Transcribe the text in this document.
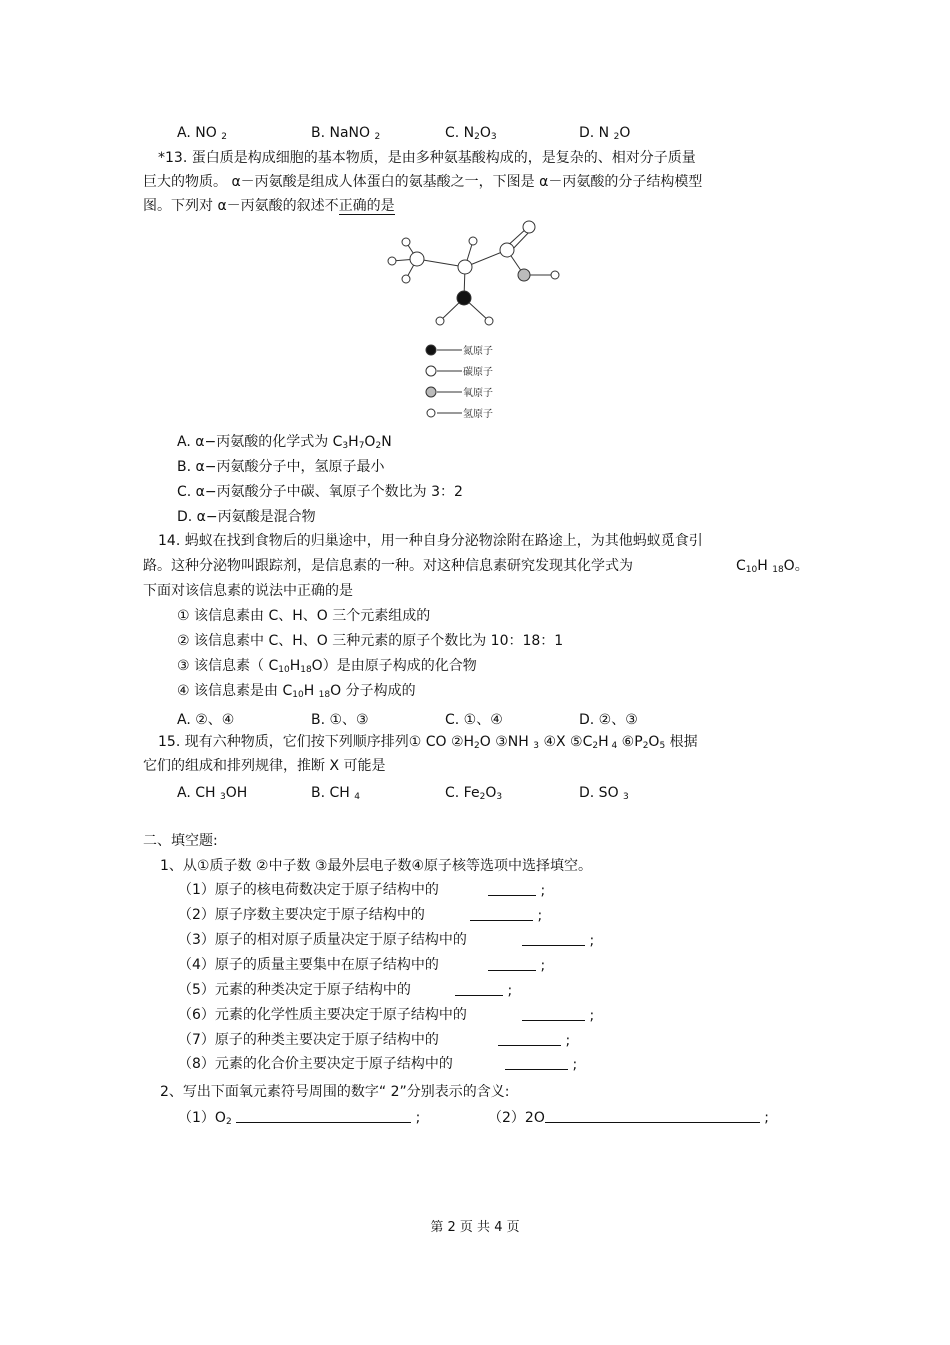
A. NO $_2$	B. NaNO $_2$	C. $N_2O_3$	D. N $_2$O
*13. 蛋白质是构成细胞的基本物质，是由多种氨基酸构成的，是复杂的、相对分子质量
巨大的物质。 α－丙氨酸是组成人体蛋白的氨基酸之一，下图是 α－丙氨酸的分子结构模型
图。下列对 α－丙氨酸的叙述不正确的是
氮原子
碳原子
氧原子
氢原子
A. α−丙氨酸的化学式为 $C_3H_7O_2N$
B. α−丙氨酸分子中，氢原子最小
C. α−丙氨酸分子中碳、氧原子个数比为 3：2
D. α−丙氨酸是混合物
14. 蚂蚁在找到食物后的归巢途中，用一种自身分泌物涂附在路途上，为其他蚂蚁觅食引
路。这种分泌物叫跟踪剂，是信息素的一种。对这种信息素研究发现其化学式为	$C_{10}H$ $_{18}$O。
下面对该信息素的说法中正确的是
① 该信息素由 C、H、O 三个元素组成的
② 该信息素中 C、H、O 三种元素的原子个数比为 10：18：1
③ 该信息素（ $C_{10}H_{18}O$）是由原子构成的化合物
④ 该信息素是由 $C_{10}H$ $_{18}$O 分子构成的
A. ②、④	B. ①、③	C. ①、④	D. ②、③
15. 现有六种物质，它们按下列顺序排列① CO $②H_2O$ ③NH $_3$ ④X $⑤C_2H$ $_4$ $⑥P_2O_5$ 根据
它们的组成和排列规律，推断 X 可能是
A. CH $_3$OH	B. CH $_4$	C. $Fe_2O_3$	D. SO $_3$
二、填空题:
1、从①质子数 ②中子数 ③最外层电子数④原子核等选项中选择填空。
（1）原子的核电荷数决定于原子结构中的	;
（2）原子序数主要决定于原子结构中的	;
（3）原子的相对原子质量决定于原子结构中的	;
（4）原子的质量主要集中在原子结构中的	;
（5）元素的种类决定于原子结构中的	;
（6）元素的化学性质主要决定于原子结构中的	;
（7）原子的种类主要决定于原子结构中的	;
（8）元素的化合价主要决定于原子结构中的	;
2、写出下面氧元素符号周围的数字“ 2”分别表示的含义:
$(1)O_2$	;	（2）2O	;
第 2 页 共 4 页
